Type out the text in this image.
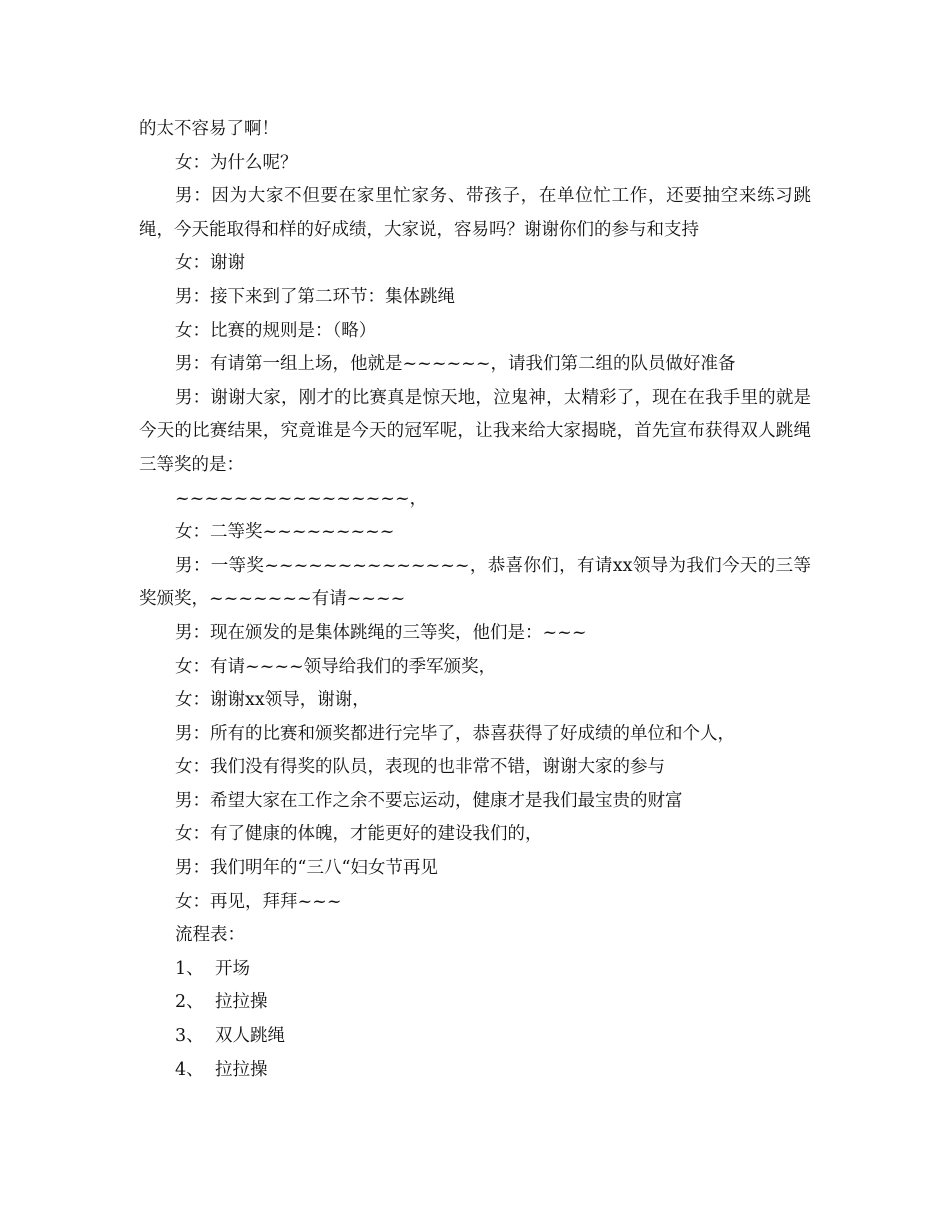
的太不容易了啊！

女：为什么呢？

男：因为大家不但要在家里忙家务、带孩子，在单位忙工作，还要抽空来练习跳绳，今天能取得和样的好成绩，大家说，容易吗？谢谢你们的参与和支持

女：谢谢

男：接下来到了第二环节：集体跳绳

女：比赛的规则是：（略）

男：有请第一组上场，他就是~~~~~~，请我们第二组的队员做好准备

男：谢谢大家，刚才的比赛真是惊天地，泣鬼神，太精彩了，现在在我手里的就是今天的比赛结果，究竟谁是今天的冠军呢，让我来给大家揭晓，首先宣布获得双人跳绳三等奖的是：

~~~~~~~~~~~~~~~~，

女：二等奖~~~~~~~~~

男：一等奖~~~~~~~~~~~~~~，恭喜你们，有请xx领导为我们今天的三等奖颁奖，~~~~~~~有请~~~~

男：现在颁发的是集体跳绳的三等奖，他们是：~~~

女：有请~~~~领导给我们的季军颁奖，

女：谢谢xx领导，谢谢，

男：所有的比赛和颁奖都进行完毕了，恭喜获得了好成绩的单位和个人，

女：我们没有得奖的队员，表现的也非常不错，谢谢大家的参与

男：希望大家在工作之余不要忘运动，健康才是我们最宝贵的财富

女：有了健康的体魄，才能更好的建设我们的，

男：我们明年的“三八“妇女节再见

女：再见，拜拜~~~

流程表：

1、 开场
2、 拉拉操
3、 双人跳绳
4、 拉拉操
